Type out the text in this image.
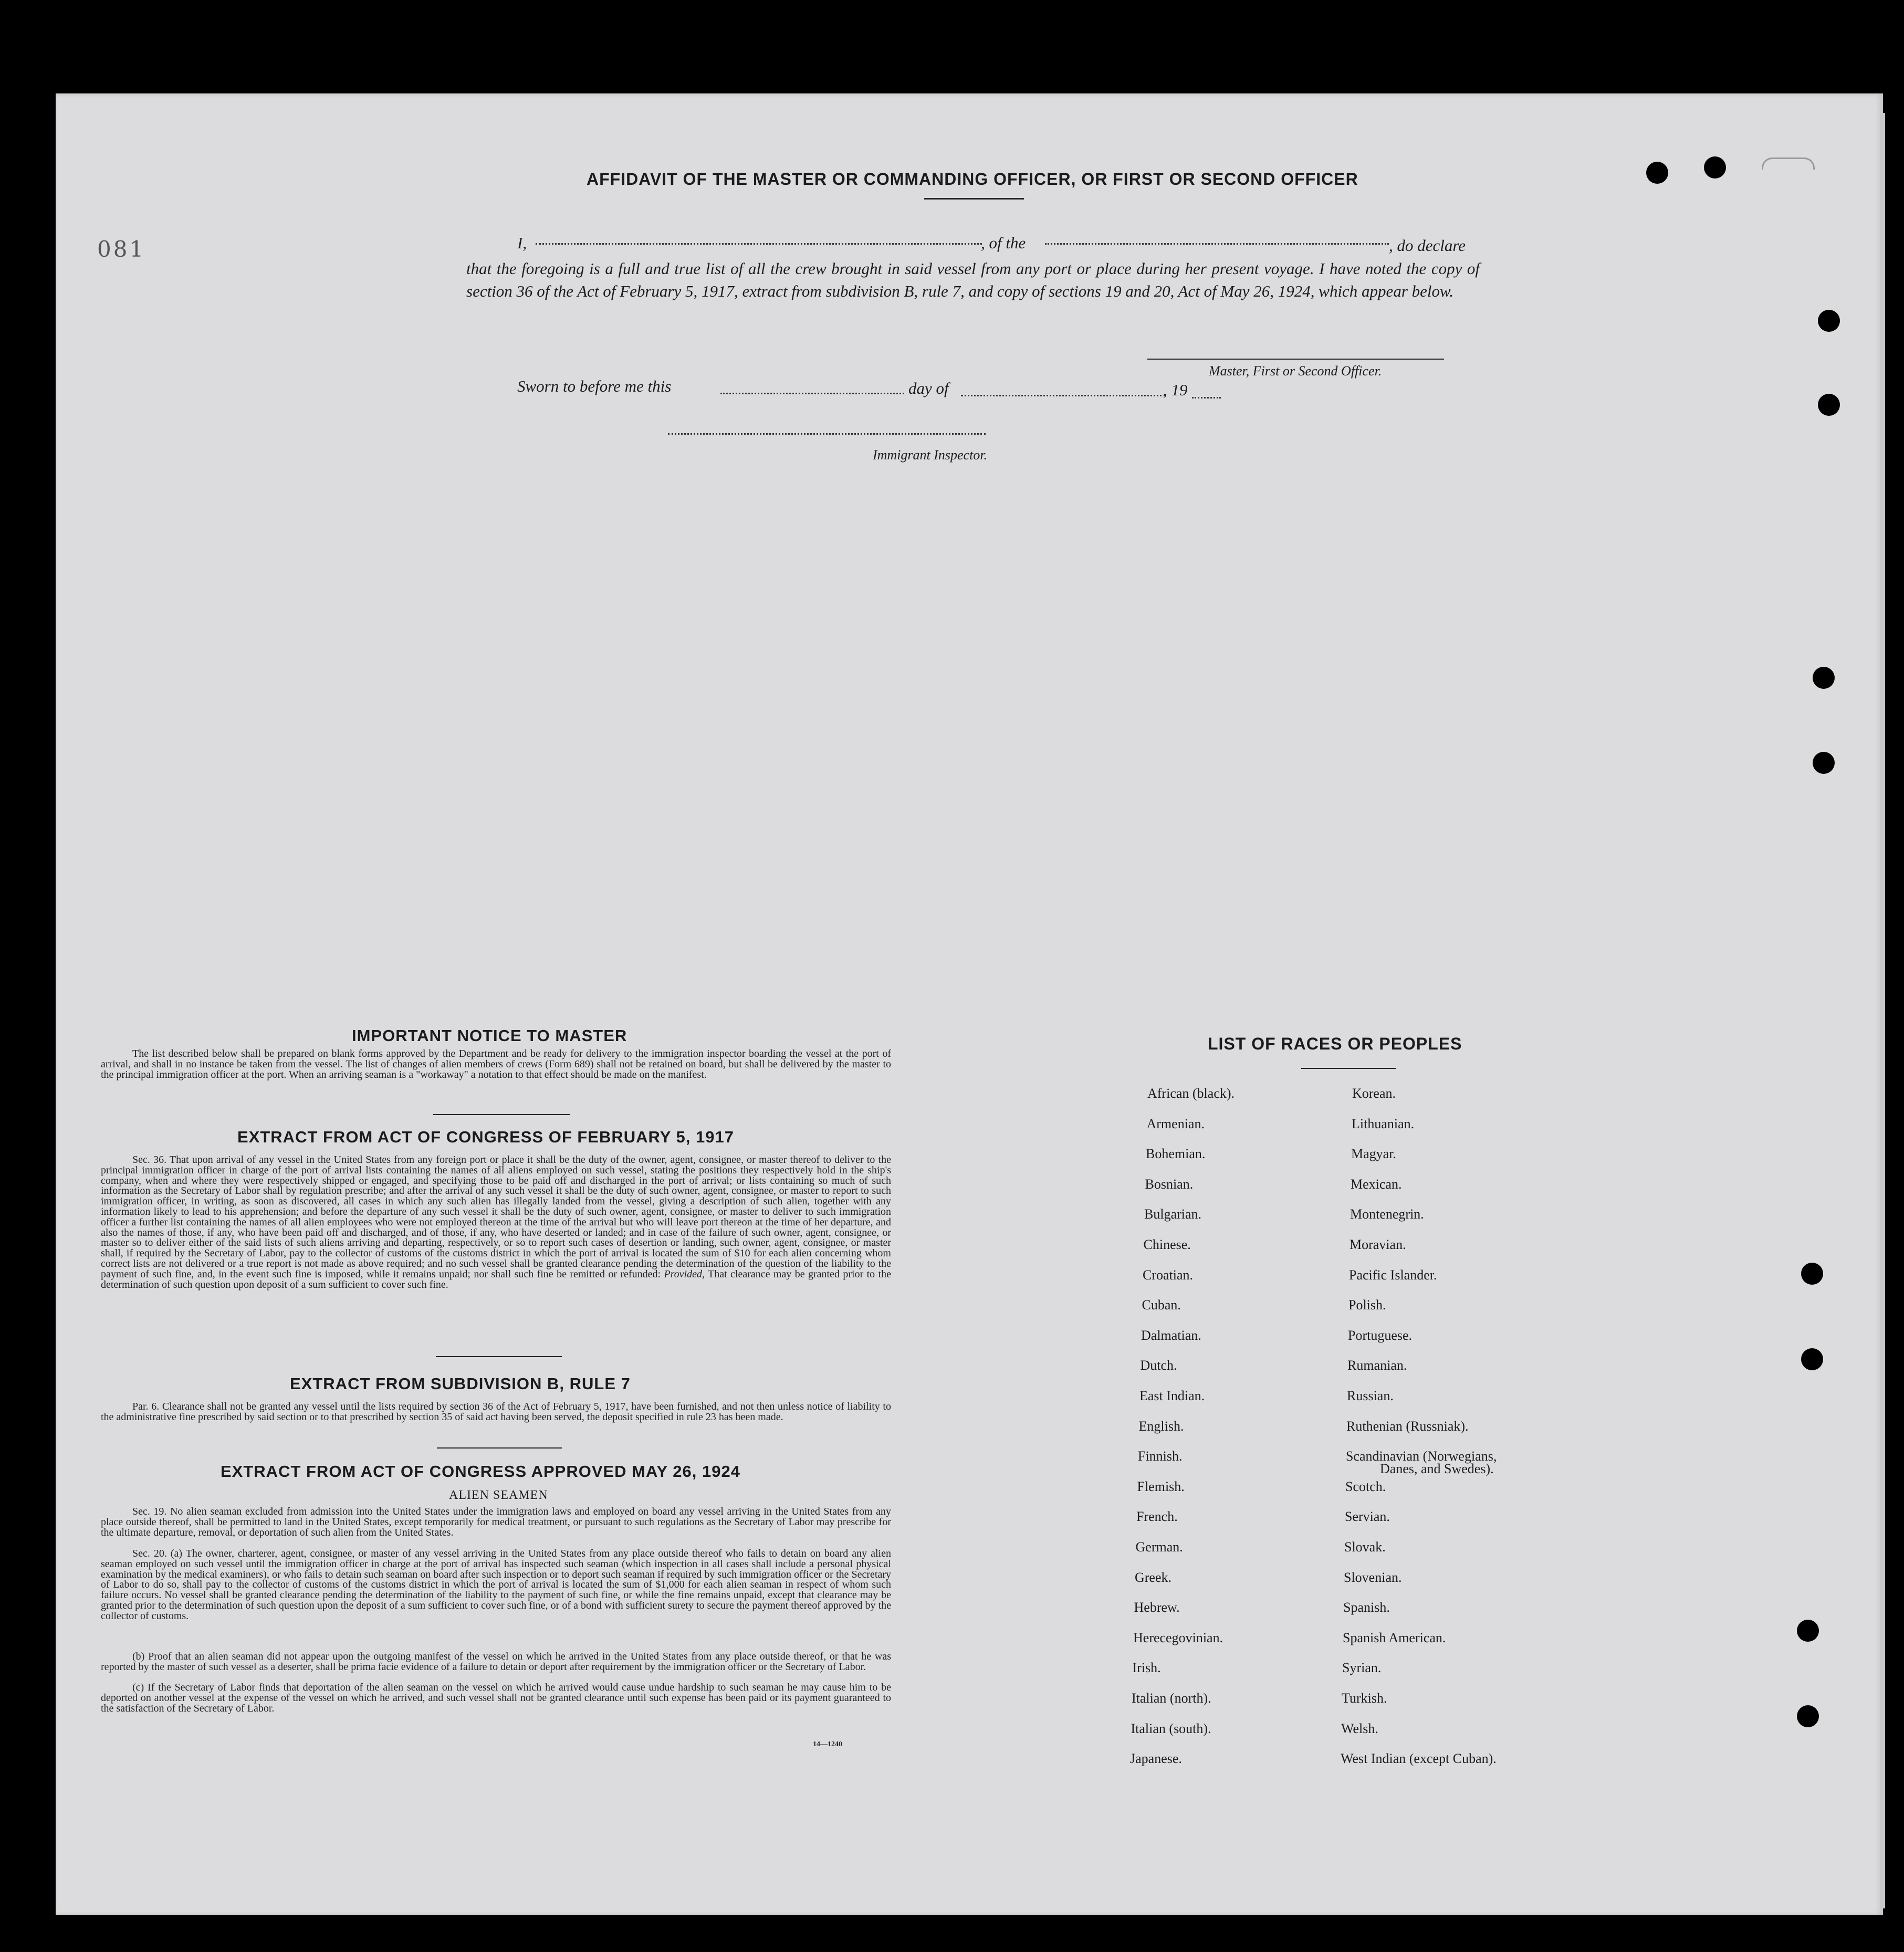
081
AFFIDAVIT OF THE MASTER OR COMMANDING OFFICER, OR FIRST OR SECOND OFFICER
I,	, of the	, do declare
that the foregoing is a full and true list of all the crew brought in said vessel from any port or place during her present voyage. I have noted the copy of section 36 of the Act of February 5, 1917, extract from subdivision B, rule 7, and copy of sections 19 and 20, Act of May 26, 1924, which appear below.
Master, First or Second Officer.
Sworn to before me this	day of	, 19
Immigrant Inspector.
IMPORTANT NOTICE TO MASTER
The list described below shall be prepared on blank forms approved by the Department and be ready for delivery to the immigration inspector boarding the vessel at the port of arrival, and shall in no instance be taken from the vessel. The list of changes of alien members of crews (Form 689) shall not be retained on board, but shall be delivered by the master to the principal immigration officer at the port. When an arriving seaman is a "workaway" a notation to that effect should be made on the manifest.
EXTRACT FROM ACT OF CONGRESS OF FEBRUARY 5, 1917
Sec. 36. That upon arrival of any vessel in the United States from any foreign port or place it shall be the duty of the owner, agent, consignee, or master thereof to deliver to the principal immigration officer in charge of the port of arrival lists containing the names of all aliens employed on such vessel, stating the positions they respectively hold in the ship's company, when and where they were respectively shipped or engaged, and specifying those to be paid off and discharged in the port of arrival; or lists containing so much of such information as the Secretary of Labor shall by regulation prescribe; and after the arrival of any such vessel it shall be the duty of such owner, agent, consignee, or master to report to such immigration officer, in writing, as soon as discovered, all cases in which any such alien has illegally landed from the vessel, giving a description of such alien, together with any information likely to lead to his apprehension; and before the departure of any such vessel it shall be the duty of such owner, agent, consignee, or master to deliver to such immigration officer a further list containing the names of all alien employees who were not employed thereon at the time of the arrival but who will leave port thereon at the time of her departure, and also the names of those, if any, who have been paid off and discharged, and of those, if any, who have deserted or landed; and in case of the failure of such owner, agent, consignee, or master so to deliver either of the said lists of such aliens arriving and departing, respectively, or so to report such cases of desertion or landing, such owner, agent, consignee, or master shall, if required by the Secretary of Labor, pay to the collector of customs of the customs district in which the port of arrival is located the sum of $10 for each alien concerning whom correct lists are not delivered or a true report is not made as above required; and no such vessel shall be granted clearance pending the determination of the question of the liability to the payment of such fine, and, in the event such fine is imposed, while it remains unpaid; nor shall such fine be remitted or refunded: Provided, That clearance may be granted prior to the determination of such question upon deposit of a sum sufficient to cover such fine.
EXTRACT FROM SUBDIVISION B, RULE 7
Par. 6. Clearance shall not be granted any vessel until the lists required by section 36 of the Act of February 5, 1917, have been furnished, and not then unless notice of liability to the administrative fine prescribed by said section or to that prescribed by section 35 of said act having been served, the deposit specified in rule 23 has been made.
EXTRACT FROM ACT OF CONGRESS APPROVED MAY 26, 1924
ALIEN SEAMEN
Sec. 19. No alien seaman excluded from admission into the United States under the immigration laws and employed on board any vessel arriving in the United States from any place outside thereof, shall be permitted to land in the United States, except temporarily for medical treatment, or pursuant to such regulations as the Secretary of Labor may prescribe for the ultimate departure, removal, or deportation of such alien from the United States.
Sec. 20. (a) The owner, charterer, agent, consignee, or master of any vessel arriving in the United States from any place outside thereof who fails to detain on board any alien seaman employed on such vessel until the immigration officer in charge at the port of arrival has inspected such seaman (which inspection in all cases shall include a personal physical examination by the medical examiners), or who fails to detain such seaman on board after such inspection or to deport such seaman if required by such immigration officer or the Secretary of Labor to do so, shall pay to the collector of customs of the customs district in which the port of arrival is located the sum of $1,000 for each alien seaman in respect of whom such failure occurs. No vessel shall be granted clearance pending the determination of the liability to the payment of such fine, or while the fine remains unpaid, except that clearance may be granted prior to the determination of such question upon the deposit of a sum sufficient to cover such fine, or of a bond with sufficient surety to secure the payment thereof approved by the collector of customs.
(b) Proof that an alien seaman did not appear upon the outgoing manifest of the vessel on which he arrived in the United States from any place outside thereof, or that he was reported by the master of such vessel as a deserter, shall be prima facie evidence of a failure to detain or deport after requirement by the immigration officer or the Secretary of Labor.
(c) If the Secretary of Labor finds that deportation of the alien seaman on the vessel on which he arrived would cause undue hardship to such seaman he may cause him to be deported on another vessel at the expense of the vessel on which he arrived, and such vessel shall not be granted clearance until such expense has been paid or its payment guaranteed to the satisfaction of the Secretary of Labor.
14—1240
LIST OF RACES OR PEOPLES
African (black).
Armenian.
Bohemian.
Bosnian.
Bulgarian.
Chinese.
Croatian.
Cuban.
Dalmatian.
Dutch.
East Indian.
English.
Finnish.
Flemish.
French.
German.
Greek.
Hebrew.
Herecegovinian.
Irish.
Italian (north).
Italian (south).
Japanese.
Korean.
Lithuanian.
Magyar.
Mexican.
Montenegrin.
Moravian.
Pacific Islander.
Polish.
Portuguese.
Rumanian.
Russian.
Ruthenian (Russniak).
Scandinavian (Norwegians,
Scotch.
Servian.
Slovak.
Slovenian.
Spanish.
Spanish American.
Syrian.
Turkish.
Welsh.
West Indian (except Cuban).
Danes, and Swedes).
